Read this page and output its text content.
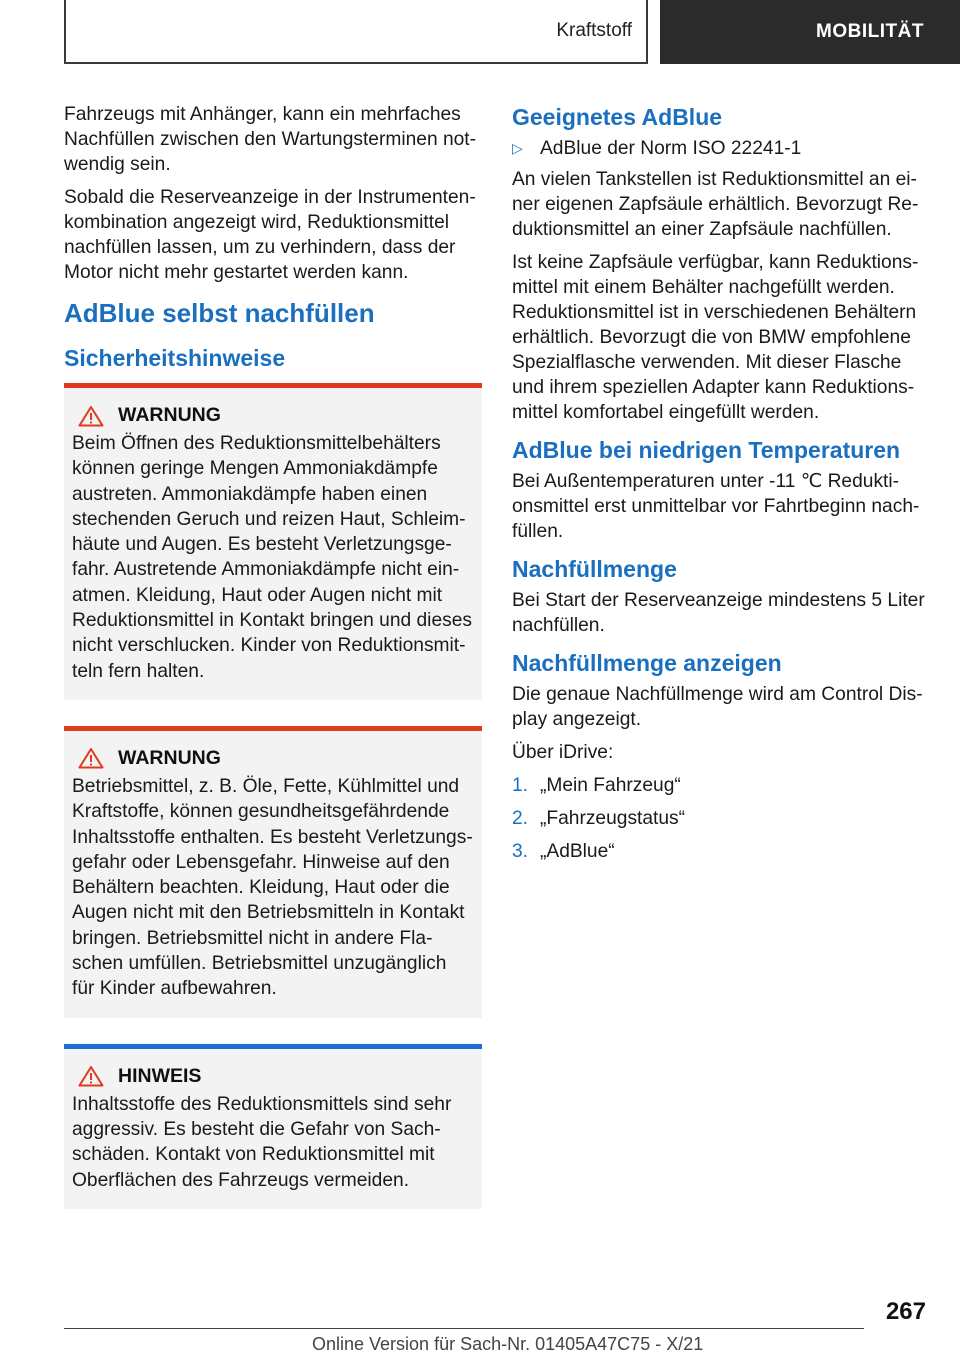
Kraftstoff	MOBILITÄT

Fahrzeugs mit Anhänger, kann ein mehrfaches Nachfüllen zwischen den Wartungsterminen not‐ wendig sein.

Sobald die Reserveanzeige in der Instrumenten‐ kombination angezeigt wird, Reduktionsmittel nachfüllen lassen, um zu verhindern, dass der Motor nicht mehr gestartet werden kann.

AdBlue selbst nachfüllen
Sicherheitshinweise
WARNUNG

Beim Öffnen des Reduktionsmittelbehälters können geringe Mengen Ammoniakdämpfe austreten. Ammoniakdämpfe haben einen stechenden Geruch und reizen Haut, Schleim‐ häute und Augen. Es besteht Verletzungsge‐ fahr. Austretende Ammoniakdämpfe nicht ein‐ atmen. Kleidung, Haut oder Augen nicht mit Reduktionsmittel in Kontakt bringen und dieses nicht verschlucken. Kinder von Reduktionsmit‐ teln fern halten.

WARNUNG

Betriebsmittel, z. B. Öle, Fette, Kühlmittel und Kraftstoffe, können gesundheitsgefährdende Inhaltsstoffe enthalten. Es besteht Verletzungs‐ gefahr oder Lebensgefahr. Hinweise auf den Behältern beachten. Kleidung, Haut oder die Augen nicht mit den Betriebsmitteln in Kontakt bringen. Betriebsmittel nicht in andere Fla‐ schen umfüllen. Betriebsmittel unzugänglich für Kinder aufbewahren.

HINWEIS

Inhaltsstoffe des Reduktionsmittels sind sehr aggressiv. Es besteht die Gefahr von Sach‐ schäden. Kontakt von Reduktionsmittel mit Oberflächen des Fahrzeugs vermeiden.

Geeignetes AdBlue
▷ AdBlue der Norm ISO 22241‑1

An vielen Tankstellen ist Reduktionsmittel an ei‐ ner eigenen Zapfsäule erhältlich. Bevorzugt Re‐ duktionsmittel an einer Zapfsäule nachfüllen.

Ist keine Zapfsäule verfügbar, kann Reduktions‐ mittel mit einem Behälter nachgefüllt werden. Reduktionsmittel ist in verschiedenen Behältern erhältlich. Bevorzugt die von BMW empfohlene Spezialflasche verwenden. Mit dieser Flasche und ihrem speziellen Adapter kann Reduktions‐ mittel komfortabel eingefüllt werden.

AdBlue bei niedrigen Temperaturen

Bei Außentemperaturen unter ‑11 ℃ Redukti‐ onsmittel erst unmittelbar vor Fahrtbeginn nach‐ füllen.

Nachfüllmenge

Bei Start der Reserveanzeige mindestens 5 Liter nachfüllen.

Nachfüllmenge anzeigen

Die genaue Nachfüllmenge wird am Control Dis‐ play angezeigt.

Über iDrive:

1. „Mein Fahrzeug“
2. „Fahrzeugstatus“
3. „AdBlue“
267
Online Version für Sach-Nr. 01405A47C75 - X/21
